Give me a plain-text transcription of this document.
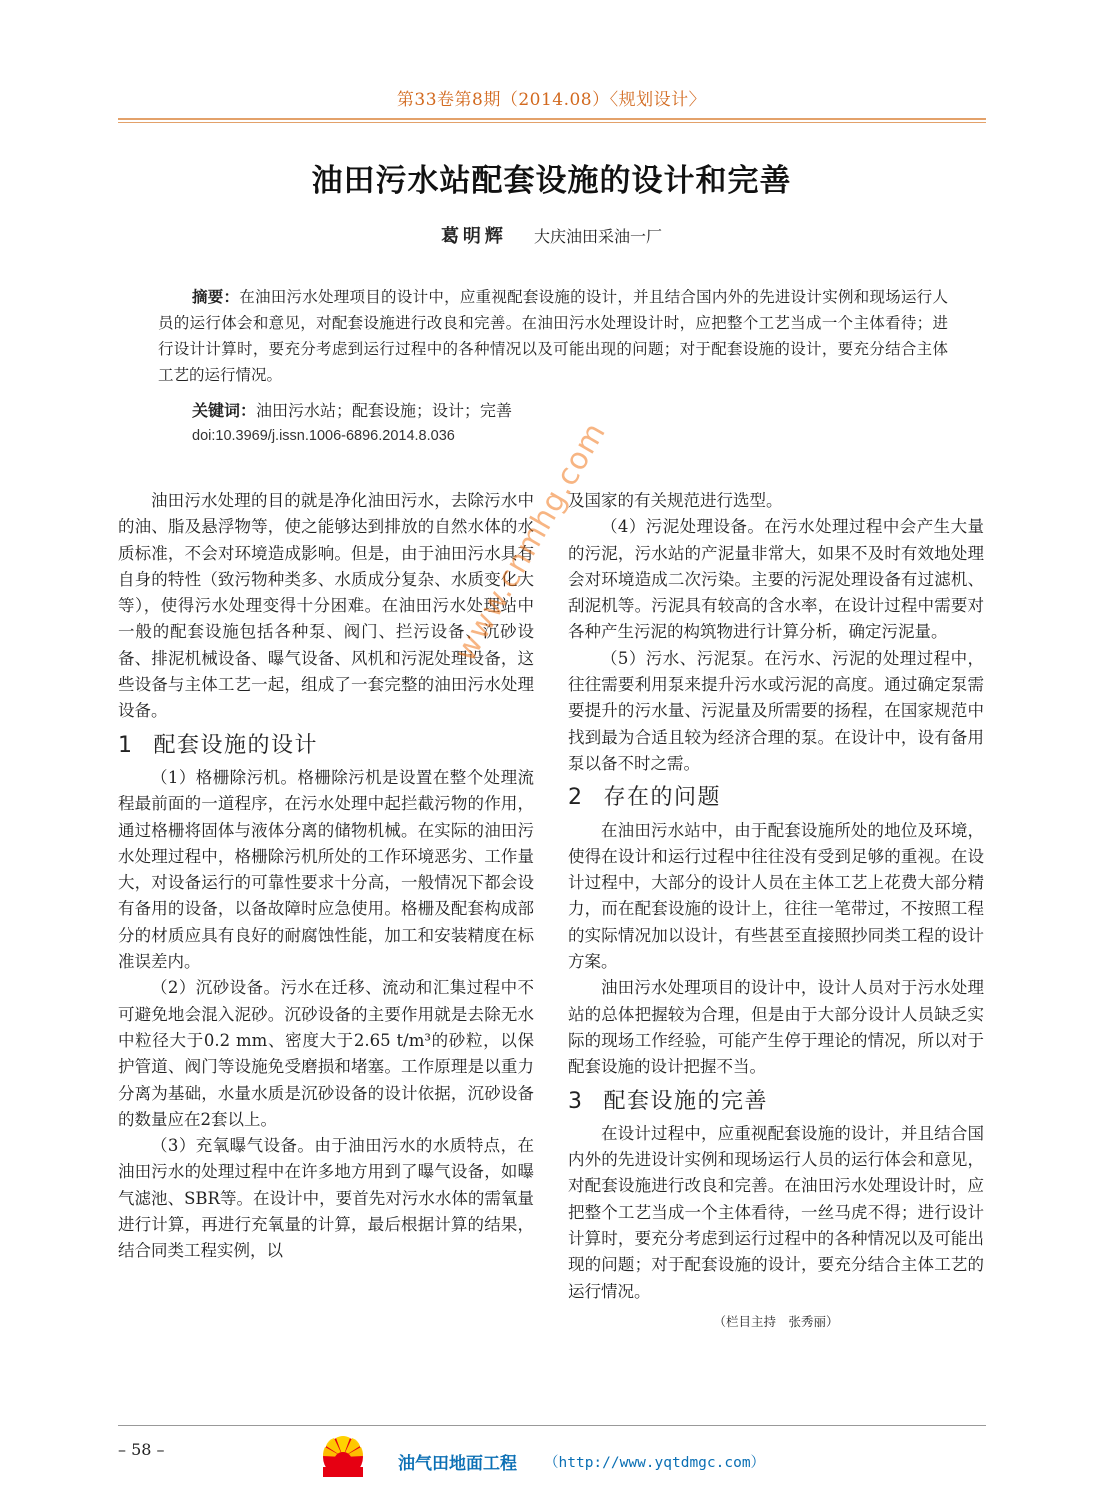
第33卷第8期（2014.08）〈规划设计〉
油田污水站配套设施的设计和完善
葛明辉 大庆油田采油一厂
摘要：在油田污水处理项目的设计中，应重视配套设施的设计，并且结合国内外的先进设计实例和现场运行人员的运行体会和意见，对配套设施进行改良和完善。在油田污水处理设计时，应把整个工艺当成一个主体看待；进行设计计算时，要充分考虑到运行过程中的各种情况以及可能出现的问题；对于配套设施的设计，要充分结合主体工艺的运行情况。
关键词：油田污水站；配套设施；设计；完善
doi:10.3969/j.issn.1006-6896.2014.8.036

油田污水处理的目的就是净化油田污水，去除污水中的油、脂及悬浮物等，使之能够达到排放的自然水体的水质标准，不会对环境造成影响。但是，由于油田污水具有自身的特性（致污物种类多、水质成分复杂、水质变化大等），使得污水处理变得十分困难。在油田污水处理站中一般的配套设施包括各种泵、阀门、拦污设备、沉砂设备、排泥机械设备、曝气设备、风机和污泥处理设备，这些设备与主体工艺一起，组成了一套完整的油田污水处理设备。

1 配套设施的设计

（1）格栅除污机。格栅除污机是设置在整个处理流程最前面的一道程序，在污水处理中起拦截污物的作用，通过格栅将固体与液体分离的储物机械。在实际的油田污水处理过程中，格栅除污机所处的工作环境恶劣、工作量大，对设备运行的可靠性要求十分高，一般情况下都会设有备用的设备，以备故障时应急使用。格栅及配套构成部分的材质应具有良好的耐腐蚀性能，加工和安装精度在标准误差内。

（2）沉砂设备。污水在迁移、流动和汇集过程中不可避免地会混入泥砂。沉砂设备的主要作用就是去除无水中粒径大于0.2 mm、密度大于2.65 t/m³的砂粒，以保护管道、阀门等设施免受磨损和堵塞。工作原理是以重力分离为基础，水量水质是沉砂设备的设计依据，沉砂设备的数量应在2套以上。

（3）充氧曝气设备。由于油田污水的水质特点，在油田污水的处理过程中在许多地方用到了曝气设备，如曝气滤池、SBR等。在设计中，要首先对污水水体的需氧量进行计算，再进行充氧量的计算，最后根据计算的结果，结合同类工程实例，以

及国家的有关规范进行选型。

（4）污泥处理设备。在污水处理过程中会产生大量的污泥，污水站的产泥量非常大，如果不及时有效地处理会对环境造成二次污染。主要的污泥处理设备有过滤机、刮泥机等。污泥具有较高的含水率，在设计过程中需要对各种产生污泥的构筑物进行计算分析，确定污泥量。

（5）污水、污泥泵。在污水、污泥的处理过程中，往往需要利用泵来提升污水或污泥的高度。通过确定泵需要提升的污水量、污泥量及所需要的扬程，在国家规范中找到最为合适且较为经济合理的泵。在设计中，设有备用泵以备不时之需。

2 存在的问题

在油田污水站中，由于配套设施所处的地位及环境，使得在设计和运行过程中往往没有受到足够的重视。在设计过程中，大部分的设计人员在主体工艺上花费大部分精力，而在配套设施的设计上，往往一笔带过，不按照工程的实际情况加以设计，有些甚至直接照抄同类工程的设计方案。

油田污水处理项目的设计中，设计人员对于污水处理站的总体把握较为合理，但是由于大部分设计人员缺乏实际的现场工作经验，可能产生停于理论的情况，所以对于配套设施的设计把握不当。

3 配套设施的完善

在设计过程中，应重视配套设施的设计，并且结合国内外的先进设计实例和现场运行人员的运行体会和意见，对配套设施进行改良和完善。在油田污水处理设计时，应把整个工艺当成一个主体看待，一丝马虎不得；进行设计计算时，要充分考虑到运行过程中的各种情况以及可能出现的问题；对于配套设施的设计，要充分结合主体工艺的运行情况。

（栏目主持　张秀丽）
www.cnmhg.com
– 58 –
油气田地面工程 （http://www.yqtdmgc.com）
